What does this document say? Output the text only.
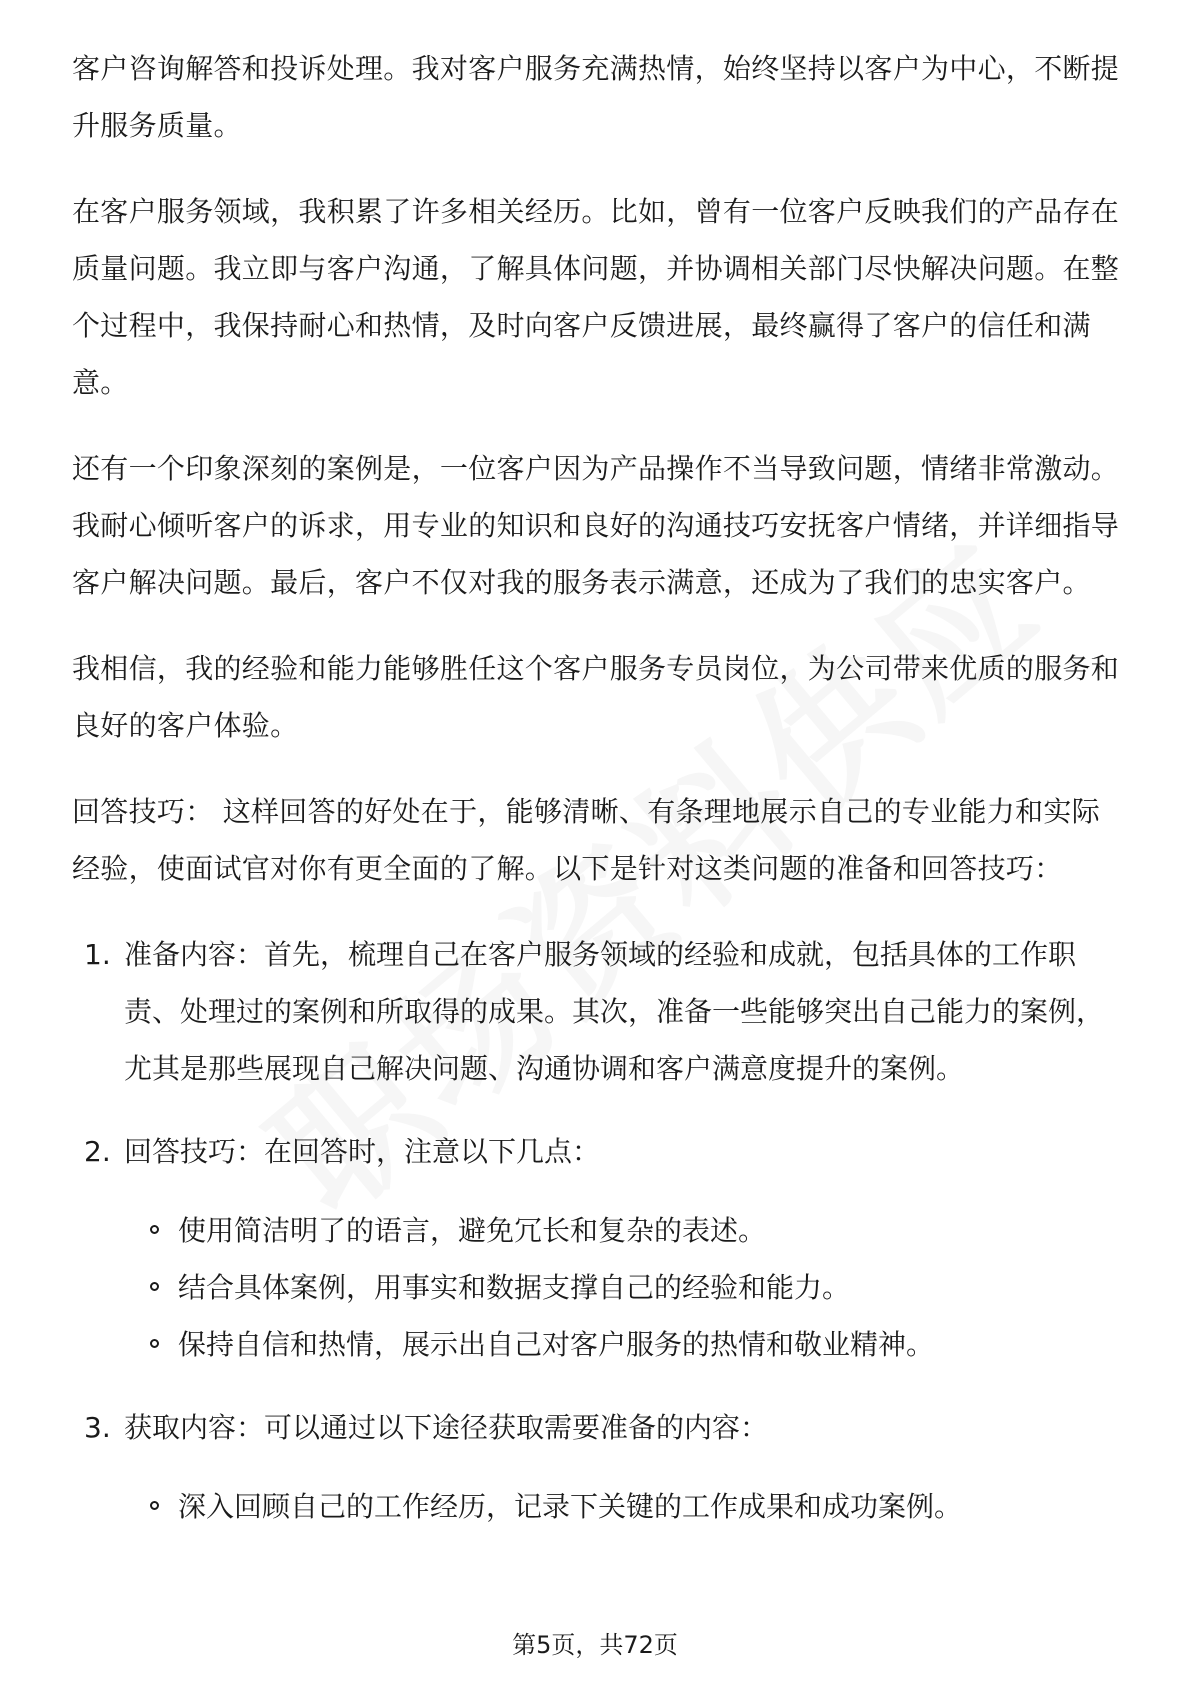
客户咨询解答和投诉处理。我对客户服务充满热情，始终坚持以客户为中心，不断提升服务质量。

在客户服务领域，我积累了许多相关经历。比如，曾有一位客户反映我们的产品存在质量问题。我立即与客户沟通，了解具体问题，并协调相关部门尽快解决问题。在整个过程中，我保持耐心和热情，及时向客户反馈进展，最终赢得了客户的信任和满意。

还有一个印象深刻的案例是，一位客户因为产品操作不当导致问题，情绪非常激动。我耐心倾听客户的诉求，用专业的知识和良好的沟通技巧安抚客户情绪，并详细指导客户解决问题。最后，客户不仅对我的服务表示满意，还成为了我们的忠实客户。

我相信，我的经验和能力能够胜任这个客户服务专员岗位，为公司带来优质的服务和良好的客户体验。

回答技巧： 这样回答的好处在于，能够清晰、有条理地展示自己的专业能力和实际经验，使面试官对你有更全面的了解。以下是针对这类问题的准备和回答技巧：

1. 准备内容：首先，梳理自己在客户服务领域的经验和成就，包括具体的工作职责、处理过的案例和所取得的成果。其次，准备一些能够突出自己能力的案例，尤其是那些展现自己解决问题、沟通协调和客户满意度提升的案例。
2. 回答技巧：在回答时，注意以下几点：
使用简洁明了的语言，避免冗长和复杂的表述。
结合具体案例，用事实和数据支撑自己的经验和能力。
保持自信和热情，展示出自己对客户服务的热情和敬业精神。
3. 获取内容：可以通过以下途径获取需要准备的内容：
深入回顾自己的工作经历，记录下关键的工作成果和成功案例。
第5页，共72页
